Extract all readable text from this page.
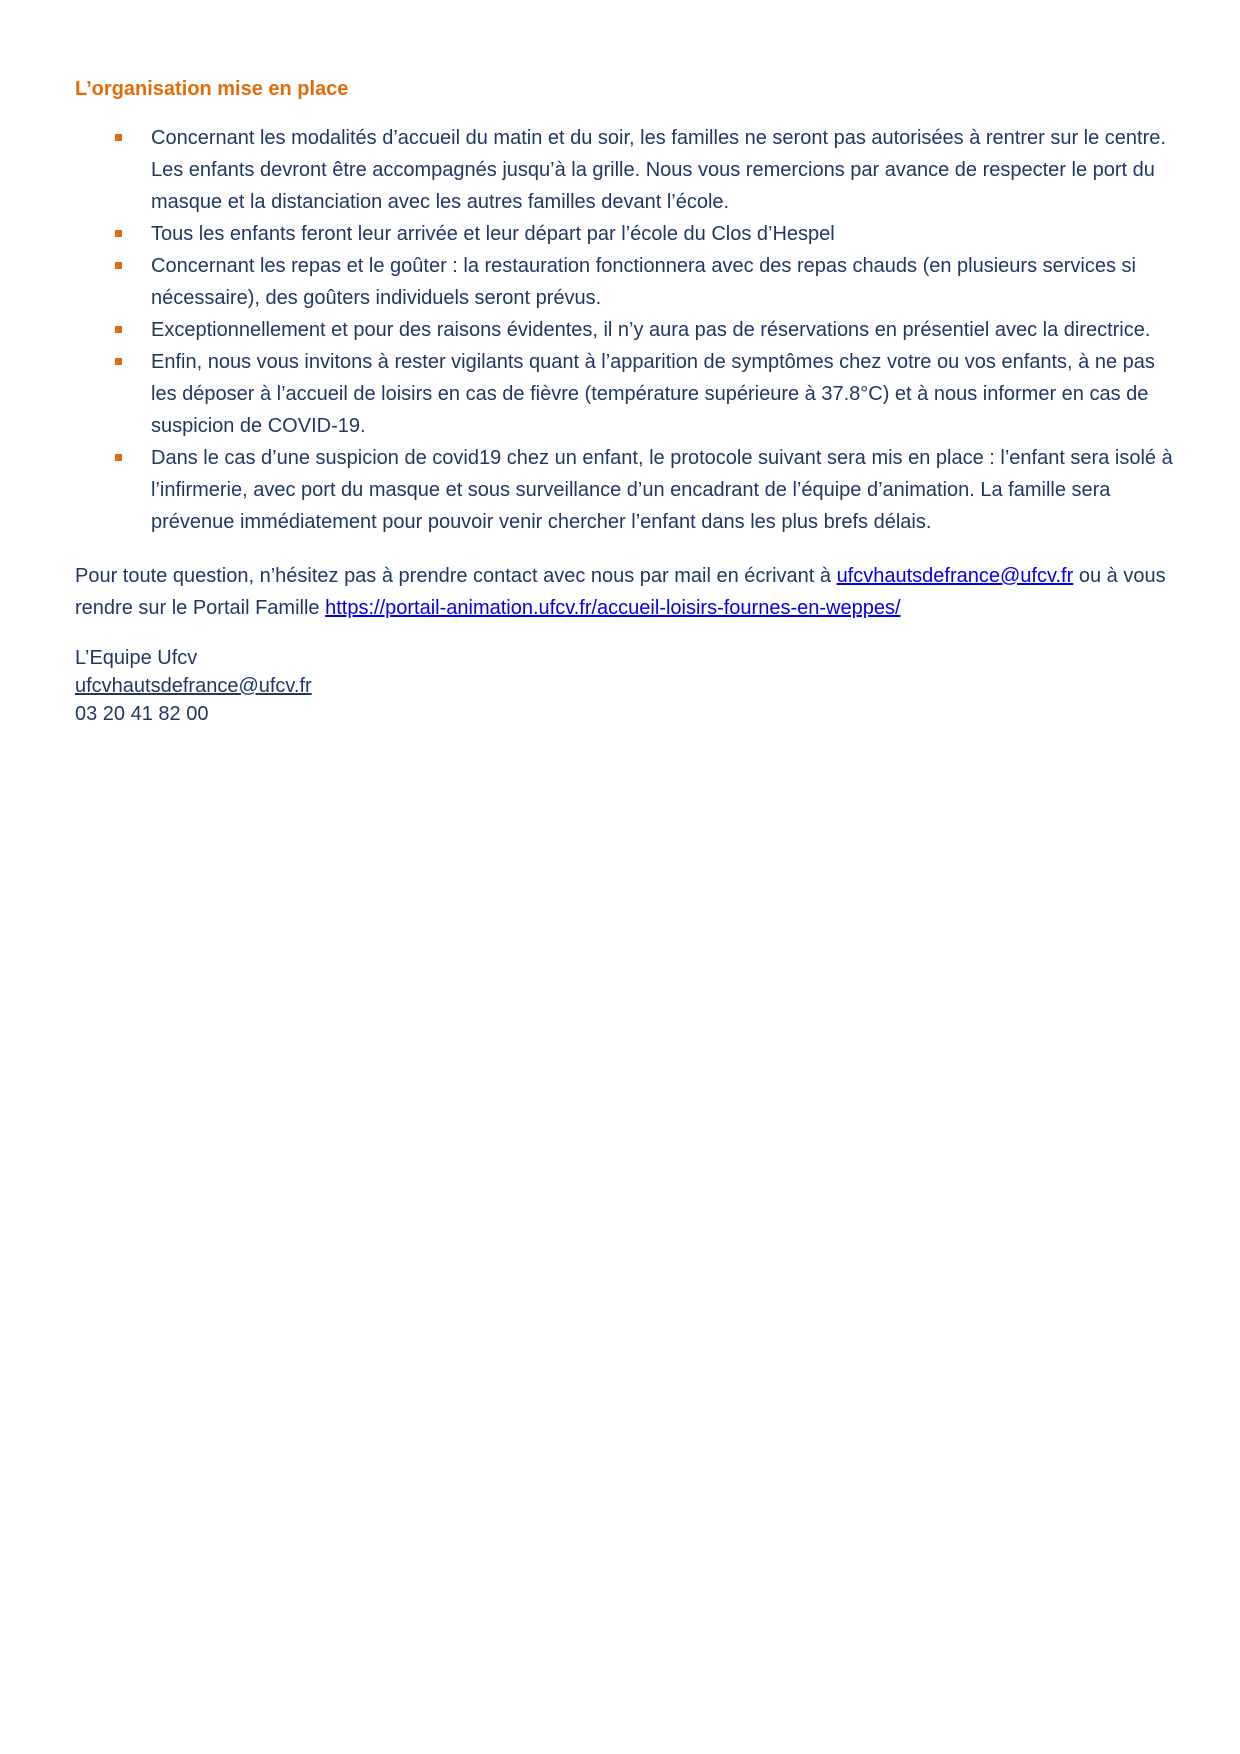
L’organisation mise en place
Concernant les modalités d’accueil du matin et du soir, les familles ne seront pas autorisées à rentrer sur le centre. Les enfants devront être accompagnés jusqu’à la grille. Nous vous remercions par avance de respecter le port du masque et la distanciation avec les autres familles devant l’école.
Tous les enfants feront leur arrivée et leur départ par l’école du Clos d’Hespel
Concernant les repas et le goûter : la restauration fonctionnera avec des repas chauds (en plusieurs services si nécessaire), des goûters individuels seront prévus.
Exceptionnellement et pour des raisons évidentes, il n’y aura pas de réservations en présentiel avec la directrice.
Enfin, nous vous invitons à rester vigilants quant à l’apparition de symptômes chez votre ou vos enfants, à ne pas les déposer à l’accueil de loisirs en cas de fièvre (température supérieure à 37.8°C) et à nous informer en cas de suspicion de COVID-19.
Dans le cas d’une suspicion de covid19 chez un enfant, le protocole suivant sera mis en place : l’enfant sera isolé à l’infirmerie, avec port du masque et sous surveillance d’un encadrant de l’équipe d’animation. La famille sera prévenue immédiatement pour pouvoir venir chercher l’enfant dans les plus brefs délais.

Pour toute question, n’hésitez pas à prendre contact avec nous par mail en écrivant à ufcvhautsdefrance@ufcv.fr ou à vous rendre sur le Portail Famille https://portail-animation.ufcv.fr/accueil-loisirs-fournes-en-weppes/

L’Equipe Ufcv
ufcvhautsdefrance@ufcv.fr
03 20 41 82 00
